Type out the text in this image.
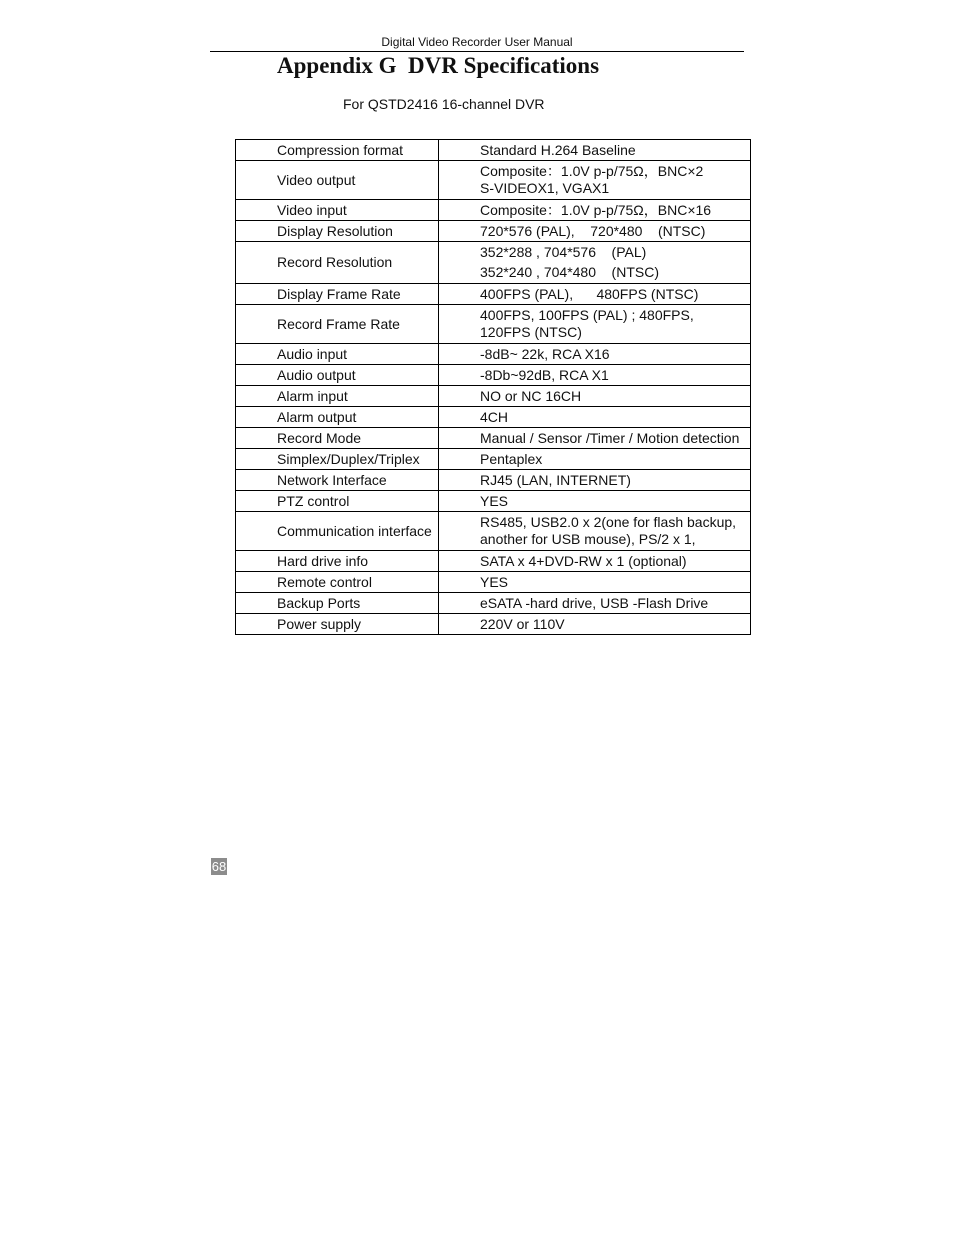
Digital Video Recorder User Manual
Appendix G  DVR Specifications
For QSTD2416 16-channel DVR
Compression format	Standard H.264 Baseline

Video output	Composite：1.0V p-p/75Ω，BNC×2
S-VIDEOX1, VGAX1

Video input	Composite：1.0V p-p/75Ω，BNC×16

Display Resolution	720*576 (PAL),    720*480    (NTSC)

Record Resolution	352*288 , 704*576    (PAL)
352*240 , 704*480    (NTSC)

Display Frame Rate	400FPS (PAL),      480FPS (NTSC)

Record Frame Rate	400FPS, 100FPS (PAL) ; 480FPS,
120FPS (NTSC)

Audio input	-8dB~ 22k, RCA X16

Audio output	-8Db~92dB, RCA X1

Alarm input	NO or NC 16CH

Alarm output	4CH

Record Mode	Manual / Sensor /Timer / Motion detection

Simplex/Duplex/Triplex	Pentaplex

Network Interface	RJ45 (LAN, INTERNET)

PTZ control	YES

Communication interface	RS485, USB2.0 x 2(one for flash backup,
another for USB mouse), PS/2 x 1,

Hard drive info	SATA x 4+DVD-RW x 1 (optional)

Remote control	YES

Backup Ports	eSATA -hard drive, USB -Flash Drive

Power supply	220V or 110V
68
